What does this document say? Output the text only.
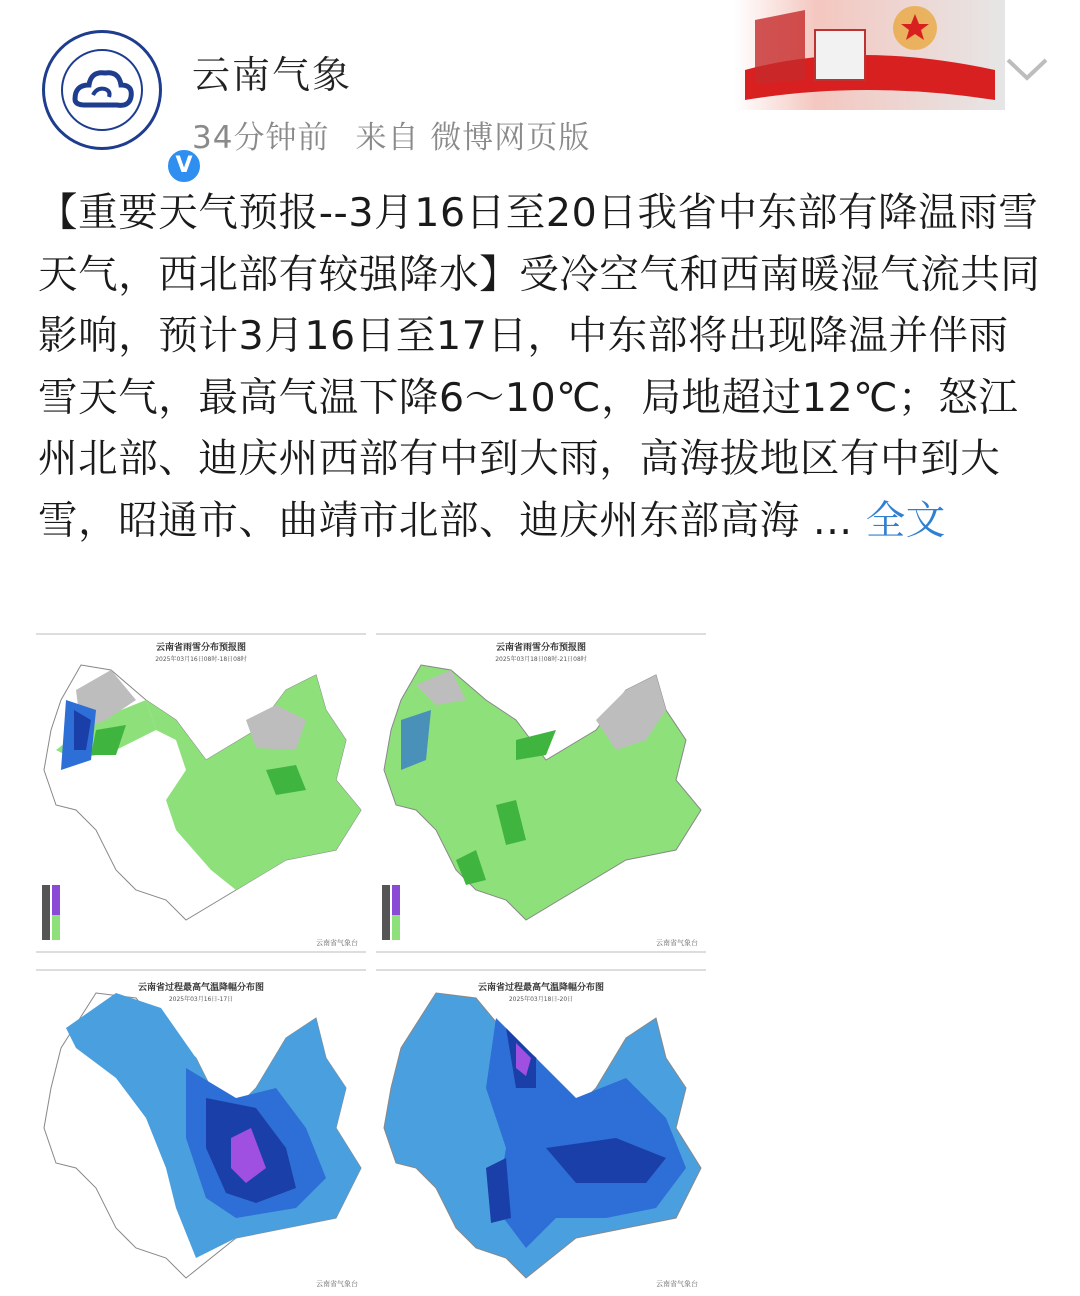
V
云南气象
34分钟前 来自 微博网页版
【重要天气预报--3月16日至20日我省中东部有降温雨雪天气，西北部有较强降水】受冷空气和西南暖湿气流共同影响，预计3月16日至17日，中东部将出现降温并伴雨雪天气，最高气温下降6～10℃，局地超过12℃；怒江州北部、迪庆州西部有中到大雨，高海拔地区有中到大雪，昭通市、曲靖市北部、迪庆州东部高海 ... 全文
云南省雨雪分布预报图
2025年03月16日08时-18日08时
云南省气象台
云南省雨雪分布预报图
2025年03月18日08时-21日08时
云南省气象台
云南省过程最高气温降幅分布图
2025年03月16日-17日
云南省气象台
云南省过程最高气温降幅分布图
2025年03月18日-20日
云南省气象台
